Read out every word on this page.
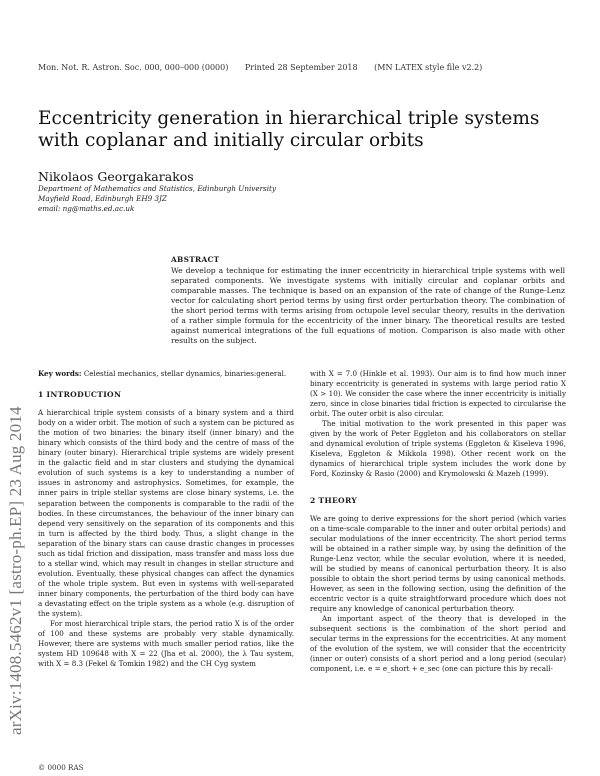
Mon. Not. R. Astron. Soc. 000, 000–000 (0000) Printed 28 September 2018 (MN LATEX style file v2.2)
Eccentricity generation in hierarchical triple systems with coplanar and initially circular orbits
Nikolaos Georgakarakos
Department of Mathematics and Statistics, Edinburgh University
Mayfield Road, Edinburgh EH9 3JZ
email: ng@maths.ed.ac.uk
arXiv:1408.5462v1 [astro-ph.EP] 23 Aug 2014
ABSTRACT
We develop a technique for estimating the inner eccentricity in hierarchical triple systems with well separated components. We investigate systems with initially circular and coplanar orbits and comparable masses. The technique is based on an expansion of the rate of change of the Runge-Lenz vector for calculating short period terms by using first order perturbation theory. The combination of the short period terms with terms arising from octupole level secular theory, results in the derivation of a rather simple formula for the eccentricity of the inner binary. The theoretical results are tested against numerical integrations of the full equations of motion. Comparison is also made with other results on the subject.

Key words: Celestial mechanics, stellar dynamics, binaries:general.

1 INTRODUCTION

A hierarchical triple system consists of a binary system and a third body on a wider orbit. The motion of such a system can be pictured as the motion of two binaries: the binary itself (inner binary) and the binary which consists of the third body and the centre of mass of the binary (outer binary). Hierarchical triple systems are widely present in the galactic field and in star clusters and studying the dynamical evolution of such systems is a key to understanding a number of issues in astronomy and astrophysics. Sometimes, for example, the inner pairs in triple stellar systems are close binary systems, i.e. the separation between the components is comparable to the radii of the bodies. In these circumstances, the behaviour of the inner binary can depend very sensitively on the separation of its components and this in turn is affected by the third body. Thus, a slight change in the separation of the binary stars can cause drastic changes in processes such as tidal friction and dissipation, mass transfer and mass loss due to a stellar wind, which may result in changes in stellar structure and evolution. Eventually, these physical changes can affect the dynamics of the whole triple system. But even in systems with well-separated inner binary components, the perturbation of the third body can have a devastating effect on the triple system as a whole (e.g. disruption of the system).

For most hierarchical triple stars, the period ratio X is of the order of 100 and these systems are probably very stable dynamically. However, there are systems with much smaller period ratios, like the system HD 109648 with X = 22 (Jha et al. 2000), the λ Tau system, with X = 8.3 (Fekel & Tomkin 1982) and the CH Cyg system

with X = 7.0 (Hinkle et al. 1993). Our aim is to find how much inner binary eccentricity is generated in systems with large period ratio X (X > 10). We consider the case where the inner eccentricity is initially zero, since in close binaries tidal friction is expected to circularise the orbit. The outer orbit is also circular.

The initial motivation to the work presented in this paper was given by the work of Peter Eggleton and his collaborators on stellar and dynamical evolution of triple systems (Eggleton & Kiseleva 1996, Kiseleva, Eggleton & Mikkola 1998). Other recent work on the dynamics of hierarchical triple system includes the work done by Ford, Kozinsky & Rasio (2000) and Krymolowski & Mazeh (1999).

2 THEORY

We are going to derive expressions for the short period (which varies on a time-scale comparable to the inner and outer orbital periods) and secular modulations of the inner eccentricity. The short period terms will be obtained in a rather simple way, by using the definition of the Runge-Lenz vector, while the secular evolution, where it is needed, will be studied by means of canonical perturbation theory. It is also possible to obtain the short period terms by using canonical methods. However, as seen in the following section, using the definition of the eccentric vector is a quite straightforward procedure which does not require any knowledge of canonical perturbation theory.

An important aspect of the theory that is developed in the subsequent sections is the combination of the short period and secular terms in the expressions for the eccentricities. At any moment of the evolution of the system, we will consider that the eccentricity (inner or outer) consists of a short period and a long period (secular) component, i.e. e = e_short + e_sec (one can picture this by recall-

© 0000 RAS
